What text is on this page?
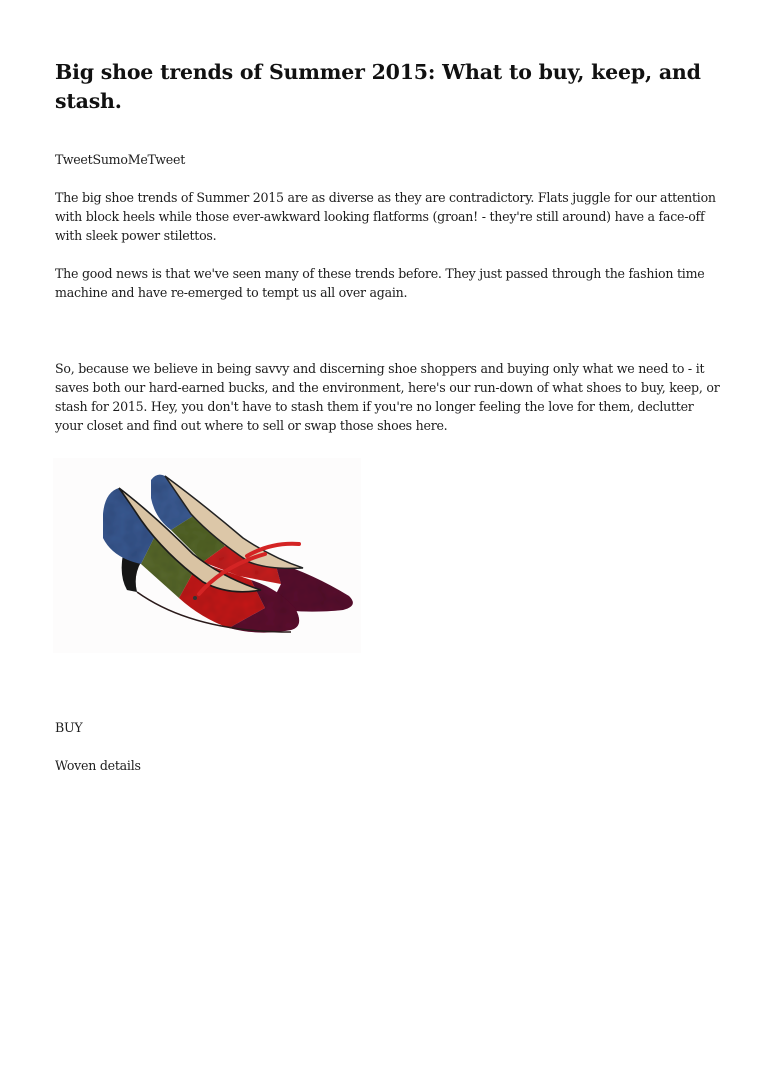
Big shoe trends of Summer 2015: What to buy, keep, and stash.

TweetSumoMeTweet

The big shoe trends of Summer 2015 are as diverse as they are contradictory. Flats juggle for our attention with block heels while those ever-awkward looking flatforms (groan! - they're still around) have a face-off with sleek power stilettos.

The good news is that we've seen many of these trends before. They just passed through the fashion time machine and have re-emerged to tempt us all over again.

So, because we believe in being savvy and discerning shoe shoppers and buying only what we need to - it saves both our hard-earned bucks, and the environment, here's our run-down of what shoes to buy, keep, or stash for 2015. Hey, you don't have to stash them if you're no longer feeling the love for them, declutter your closet and find out where to sell or swap those shoes here.

BUY

Woven details
